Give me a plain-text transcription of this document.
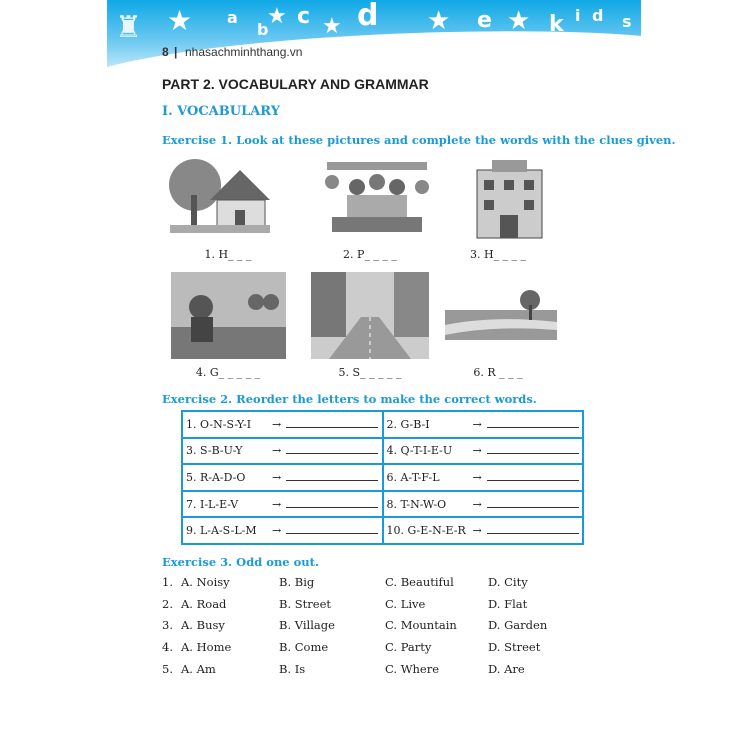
★ a
b
★ c ★ d ★ e ★ k i d s
♜
8 | nhasachminhthang.vn
PART 2. VOCABULARY AND GRAMMAR
I. VOCABULARY
Exercise 1. Look at these pictures and complete the words with the clues given.
1. H_ _ _	2. P_ _ _ _	3. H_ _ _ _
4. G_ _ _ _ _	5. S_ _ _ _ _	6. R _ _ _
Exercise 2. Reorder the letters to make the correct words.
1. O-N-S-Y-I →	2. G-B-I →
3. S-B-U-Y →	4. Q-T-I-E-U →
5. R-A-D-O →	6. A-T-F-L →
7. I-L-E-V →	8. T-N-W-O →
9. L-A-S-L-M →	10. G-E-N-E-R →
Exercise 3. Odd one out.
1. A. Noisy	B. Big	C. Beautiful	D. City
2. A. Road	B. Street	C. Live	D. Flat
3. A. Busy	B. Village	C. Mountain	D. Garden
4. A. Home	B. Come	C. Party	D. Street
5. A. Am	B. Is	C. Where	D. Are
